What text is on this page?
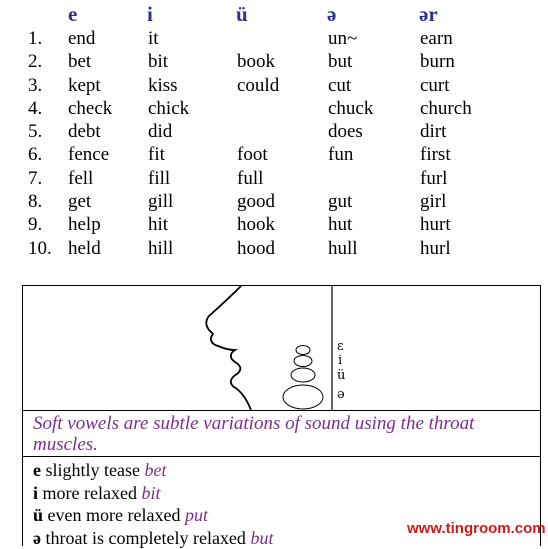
e	i	ü	ə	ər
1.	end	it		un~	earn
2.	bet	bit	book	but	burn
3.	kept	kiss	could	cut	curt
4.	check	chick		chuck	church
5.	debt	did		does	dirt
6.	fence	fit	foot	fun	first
7.	fell	fill	full		furl
8.	get	gill	good	gut	girl
9.	help	hit	hook	hut	hurt
10.	held	hill	hood	hull	hurl
ɛ
i
ü
ə
Soft vowels are subtle variations of sound using the throat muscles.
e slightly tease bet
i more relaxed bit
ü even more relaxed put
ə throat is completely relaxed but	www.tingroom.com
